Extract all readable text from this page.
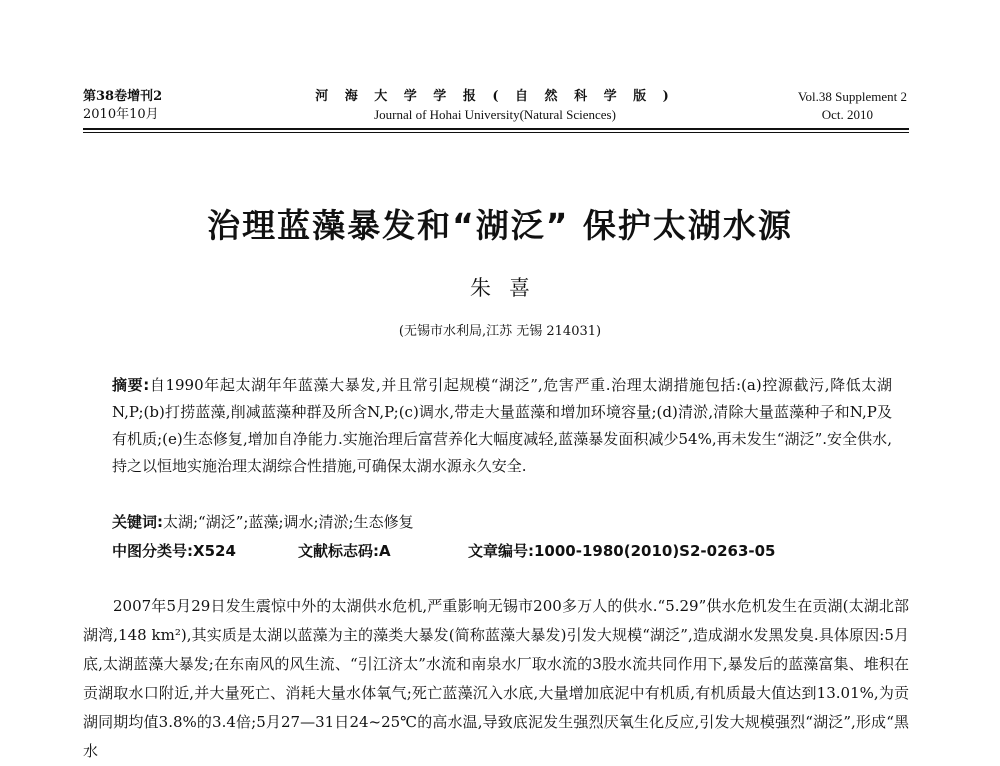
第38卷增刊2
2010年10月
河 海 大 学 学 报 ( 自 然 科 学 版 )
Journal of Hohai University(Natural Sciences)
Vol.38 Supplement 2
Oct. 2010
治理蓝藻暴发和“湖泛” 保护太湖水源
朱喜
(无锡市水利局,江苏 无锡 214031)
摘要:自1990年起太湖年年蓝藻大暴发,并且常引起规模“湖泛”,危害严重.治理太湖措施包括:(a)控源截污,降低太湖N,P;(b)打捞蓝藻,削减蓝藻种群及所含N,P;(c)调水,带走大量蓝藻和增加环境容量;(d)清淤,清除大量蓝藻种子和N,P及有机质;(e)生态修复,增加自净能力.实施治理后富营养化大幅度减轻,蓝藻暴发面积减少54%,再未发生“湖泛”.安全供水,持之以恒地实施治理太湖综合性措施,可确保太湖水源永久安全.
关键词:太湖;“湖泛”;蓝藻;调水;清淤;生态修复
中图分类号:X524	文献标志码:A	文章编号:1000-1980(2010)S2-0263-05

2007年5月29日发生震惊中外的太湖供水危机,严重影响无锡市200多万人的供水.“5.29”供水危机发生在贡湖(太湖北部湖湾,148 km²),其实质是太湖以蓝藻为主的藻类大暴发(简称蓝藻大暴发)引发大规模“湖泛”,造成湖水发黑发臭.具体原因:5月底,太湖蓝藻大暴发;在东南风的风生流、“引江济太”水流和南泉水厂取水流的3股水流共同作用下,暴发后的蓝藻富集、堆积在贡湖取水口附近,并大量死亡、消耗大量水体氧气;死亡蓝藻沉入水底,大量增加底泥中有机质,有机质最大值达到13.01%,为贡湖同期均值3.8%的3.4倍;5月27—31日24~25℃的高水温,导致底泥发生强烈厌氧生化反应,引发大规模强烈“湖泛”,形成“黑水
